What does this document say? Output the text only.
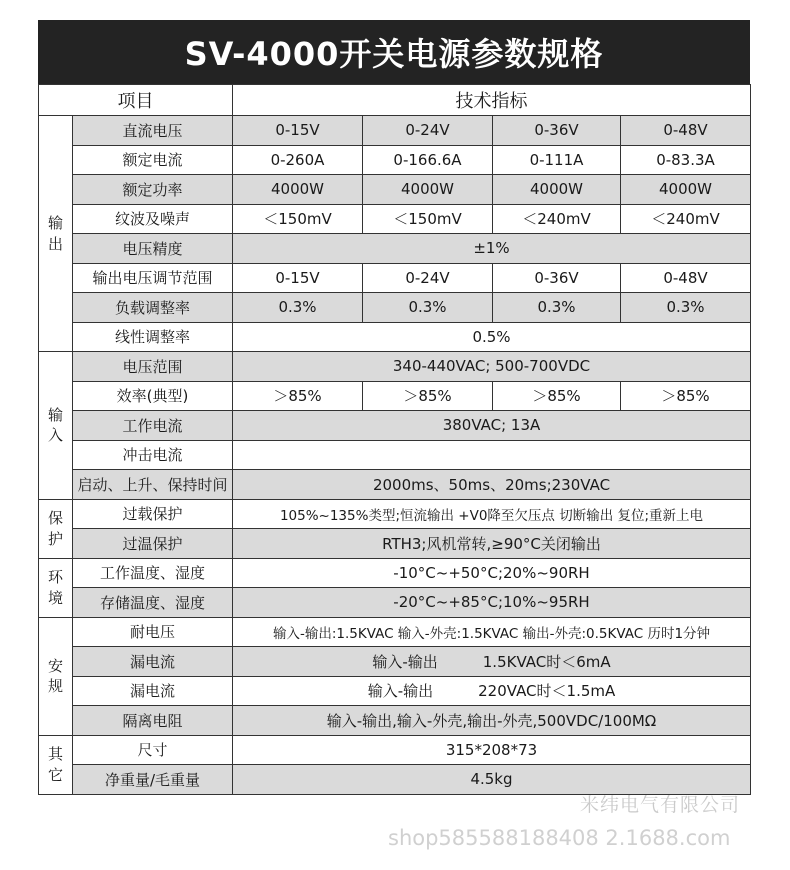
SV-4000开关电源参数规格
项目		技术指标			
输出	直流电压	0-15V	0-24V	0-36V	0-48V
	额定电流	0-260A	0-166.6A	0-111A	0-83.3A
	额定功率	4000W	4000W	4000W	4000W
	纹波及噪声	＜150mV	＜150mV	＜240mV	＜240mV
	电压精度	±1%			
	输出电压调节范围	0-15V	0-24V	0-36V	0-48V
	负载调整率	0.3%	0.3%	0.3%	0.3%
	线性调整率	0.5%			
输入	电压范围	340-440VAC; 500-700VDC			
	效率(典型)	＞85%	＞85%	＞85%	＞85%
	工作电流	380VAC; 13A			
	冲击电流				
	启动、上升、保持时间	2000ms、50ms、20ms;230VAC			
保护	过载保护	105%~135%类型;恒流输出 +V0降至欠压点 切断输出 复位;重新上电			
	过温保护	RTH3;风机常转,≥90°C关闭输出			
环境	工作温度、湿度	-10°C~+50°C;20%~90RH			
	存储温度、湿度	-20°C~+85°C;10%~95RH			
安规	耐电压	输入-输出:1.5KVAC 输入-外壳:1.5KVAC 输出-外壳:0.5KVAC 历时1分钟			
	漏电流	输入-输出　　　1.5KVAC时＜6mA			
	漏电流	输入-输出　　　220VAC时＜1.5mA			
	隔离电阻	输入-输出,输入-外壳,输出-外壳,500VDC/100MΩ			
其它	尺寸	315*208*73			
	净重量/毛重量	4.5kg			
米纬电气有限公司
shop585588188408 2.1688.com
